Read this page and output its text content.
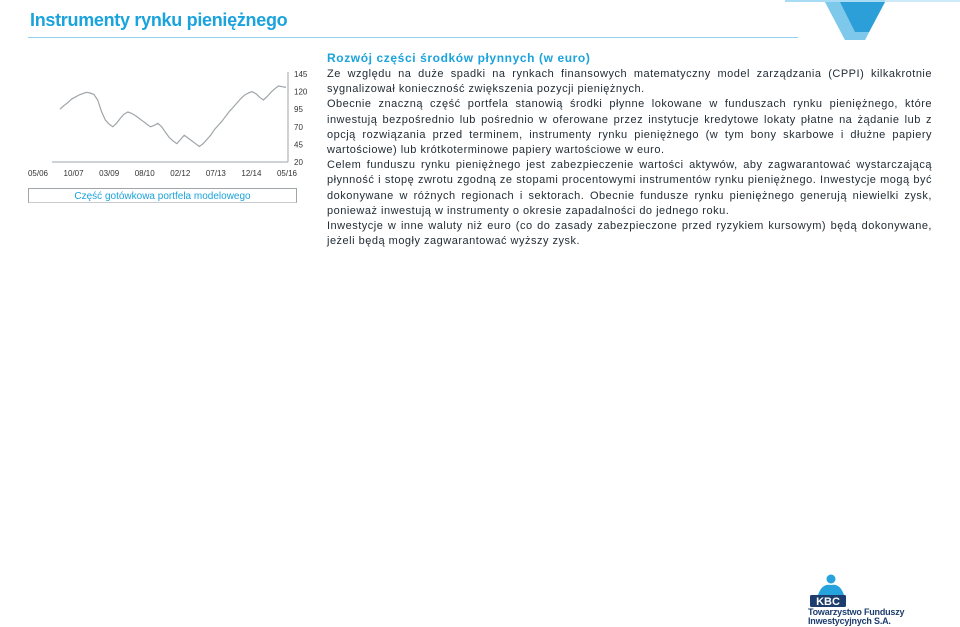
Instrumenty rynku pieniężnego
145
120
95
70
45
20
05/06 10/07 03/09 08/10 02/12 07/13 12/14 05/16
Część gotówkowa portfela modelowego
Rozwój części środków płynnych (w euro)

Ze względu na duże spadki na rynkach finansowych matematyczny model zarządzania (CPPI) kilkakrotnie sygnalizował konieczność zwiększenia pozycji pieniężnych.

Obecnie znaczną część portfela stanowią środki płynne lokowane w funduszach rynku pieniężnego, które inwestują bezpośrednio lub pośrednio w oferowane przez instytucje kredytowe lokaty płatne na żądanie lub z opcją rozwiązania przed terminem, instrumenty rynku pieniężnego (w tym bony skarbowe i dłużne papiery wartościowe) lub krótkoterminowe papiery wartościowe w euro.

Celem funduszu rynku pieniężnego jest zabezpieczenie wartości aktywów, aby zagwarantować wystarczającą płynność i stopę zwrotu zgodną ze stopami procentowymi instrumentów rynku pieniężnego. Inwestycje mogą być dokonywane w różnych regionach i sektorach. Obecnie fundusze rynku pieniężnego generują niewielki zysk, ponieważ inwestują w instrumenty o okresie zapadalności do jednego roku.

Inwestycje w inne waluty niż euro (co do zasady zabezpieczone przed ryzykiem kursowym) będą dokonywane, jeżeli będą mogły zagwarantować wyższy zysk.

KBC
Towarzystwo Funduszy
Inwestycyjnych S.A.
